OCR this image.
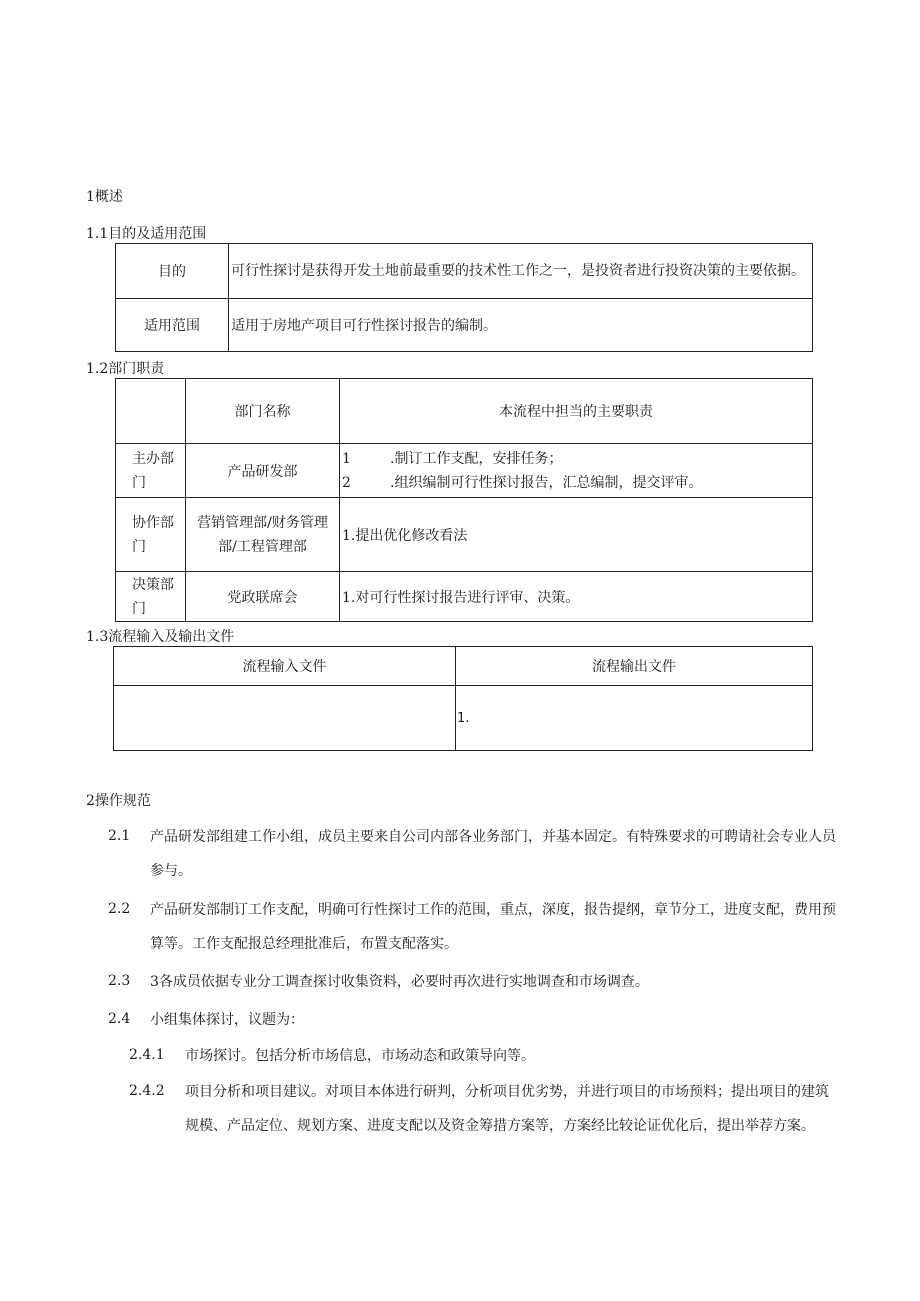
1概述
1.1目的及适用范围
目的	可行性探讨是获得开发土地前最重要的技术性工作之一，是投资者进行投资决策的主要依据。
适用范围	适用于房地产项目可行性探讨报告的编制。
1.2部门职责
	部门名称	本流程中担当的主要职责
主办部门	产品研发部	1 .制订工作支配，安排任务；
2 .组织编制可行性探讨报告，汇总编制，提交评审。

协作部门	营销管理部/财务管理部/工程管理部	1.提出优化修改看法
决策部门	党政联席会	1.对可行性探讨报告进行评审、决策。
1.3流程输入及输出文件
流程输入文件	流程输出文件
	1.
2操作规范
2.1 产品研发部组建工作小组，成员主要来自公司内部各业务部门，并基本固定。有特殊要求的可聘请社会专业人员参与。
2.2 产品研发部制订工作支配，明确可行性探讨工作的范围，重点，深度，报告提纲，章节分工，进度支配，费用预算等。工作支配报总经理批准后，布置支配落实。
2.3 3各成员依据专业分工调查探讨收集资料，必要时再次进行实地调查和市场调查。
2.4 小组集体探讨，议题为：
2.4.1 市场探讨。包括分析市场信息，市场动态和政策导向等。
2.4.2 项目分析和项目建议。对项目本体进行研判，分析项目优劣势，并进行项目的市场预料；提出项目的建筑规模、产品定位、规划方案、进度支配以及资金筹措方案等，方案经比较论证优化后，提出举荐方案。
